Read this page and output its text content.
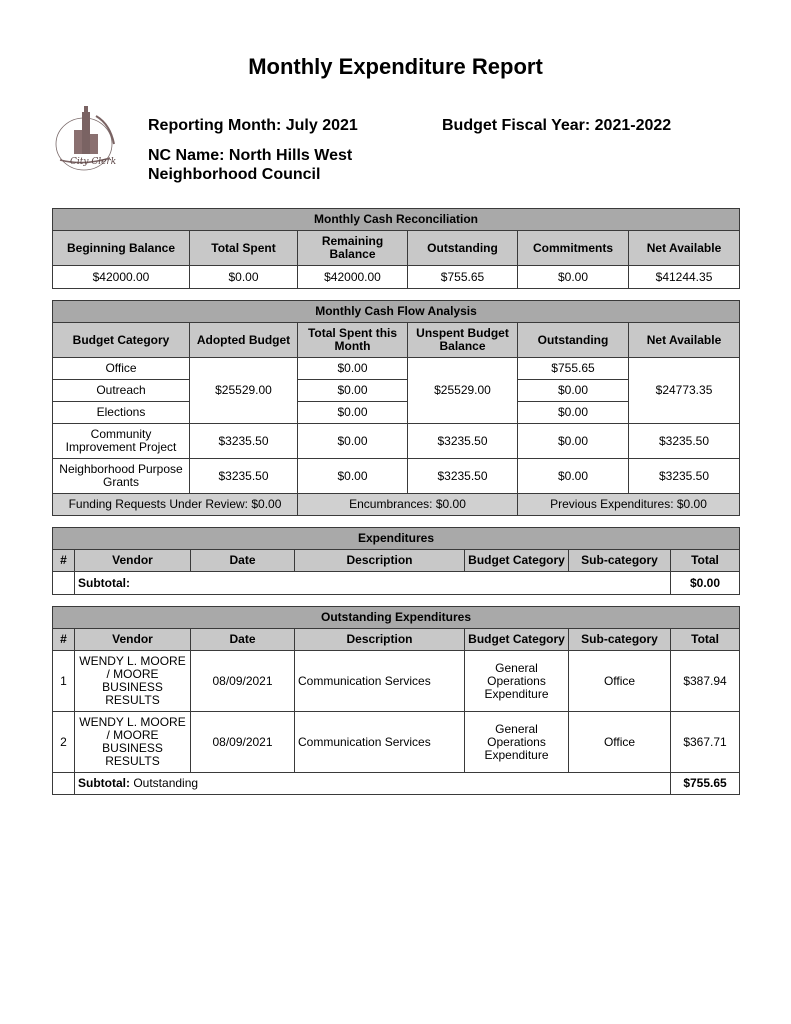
Monthly Expenditure Report
City Clerk
Reporting Month: July 2021	Budget Fiscal Year: 2021-2022
NC Name: North Hills West Neighborhood Council
Monthly Cash Reconciliation					
Beginning Balance	Total Spent	Remaining Balance	Outstanding	Commitments	Net Available
$42000.00	$0.00	$42000.00	$755.65	$0.00	$41244.35
Monthly Cash Flow Analysis					
Budget Category	Adopted Budget	Total Spent this Month	Unspent Budget Balance	Outstanding	Net Available
Office	$25529.00	$0.00	$25529.00	$755.65	$24773.35
Outreach		$0.00		$0.00	
Elections		$0.00		$0.00	
Community Improvement Project	$3235.50	$0.00	$3235.50	$0.00	$3235.50
Neighborhood Purpose Grants	$3235.50	$0.00	$3235.50	$0.00	$3235.50
Funding Requests Under Review: $0.00		Encumbrances: $0.00		Previous Expenditures: $0.00	
Expenditures						
#	Vendor	Date	Description	Budget Category	Sub-category	Total
	Subtotal:					$0.00
Outstanding Expenditures						
#	Vendor	Date	Description	Budget Category	Sub-category	Total
1	WENDY L. MOORE / MOORE BUSINESS RESULTS	08/09/2021	Communication Services	General Operations Expenditure	Office	$387.94
2	WENDY L. MOORE / MOORE BUSINESS RESULTS	08/09/2021	Communication Services	General Operations Expenditure	Office	$367.71
	Subtotal: Outstanding					$755.65
